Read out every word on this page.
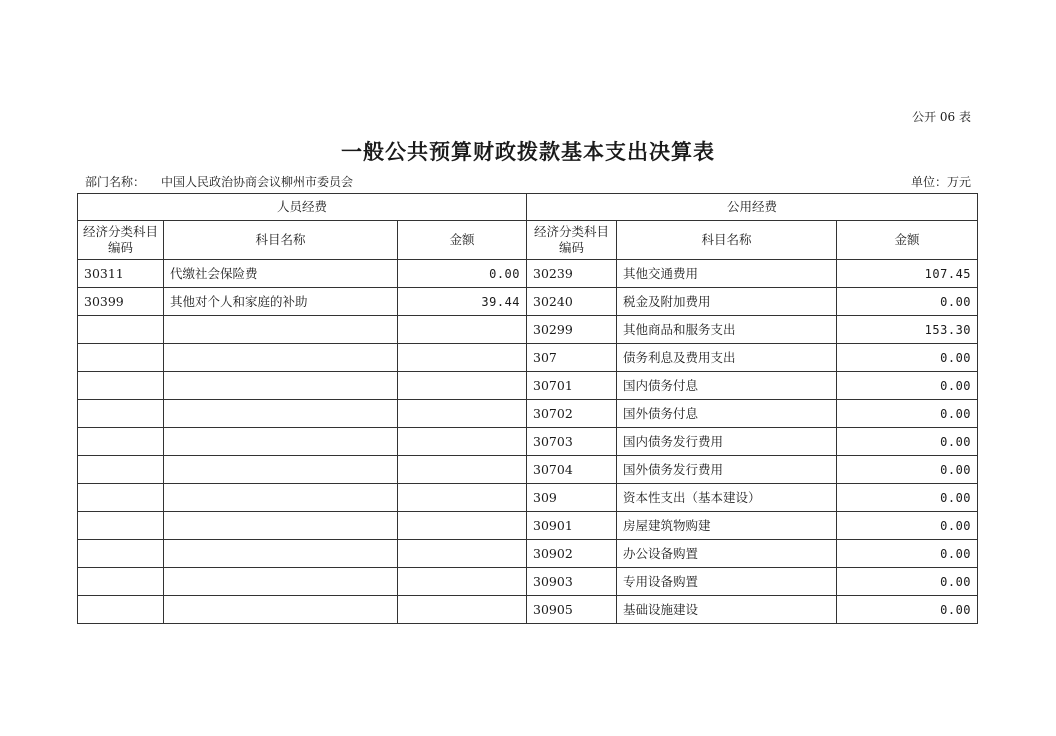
公开 06 表
一般公共预算财政拨款基本支出决算表
部门名称： 中国人民政治协商会议柳州市委员会	单位：万元
人员经费			公用经费		
经济分类科目编码	科目名称	金额	经济分类科目编码	科目名称	金额
30311	代缴社会保险费	0.00	30239	其他交通费用	107.45
30399	其他对个人和家庭的补助	39.44	30240	税金及附加费用	0.00
			30299	其他商品和服务支出	153.30
			307	债务利息及费用支出	0.00
			30701	国内债务付息	0.00
			30702	国外债务付息	0.00
			30703	国内债务发行费用	0.00
			30704	国外债务发行费用	0.00
			309	资本性支出（基本建设）	0.00
			30901	房屋建筑物购建	0.00
			30902	办公设备购置	0.00
			30903	专用设备购置	0.00
			30905	基础设施建设	0.00
